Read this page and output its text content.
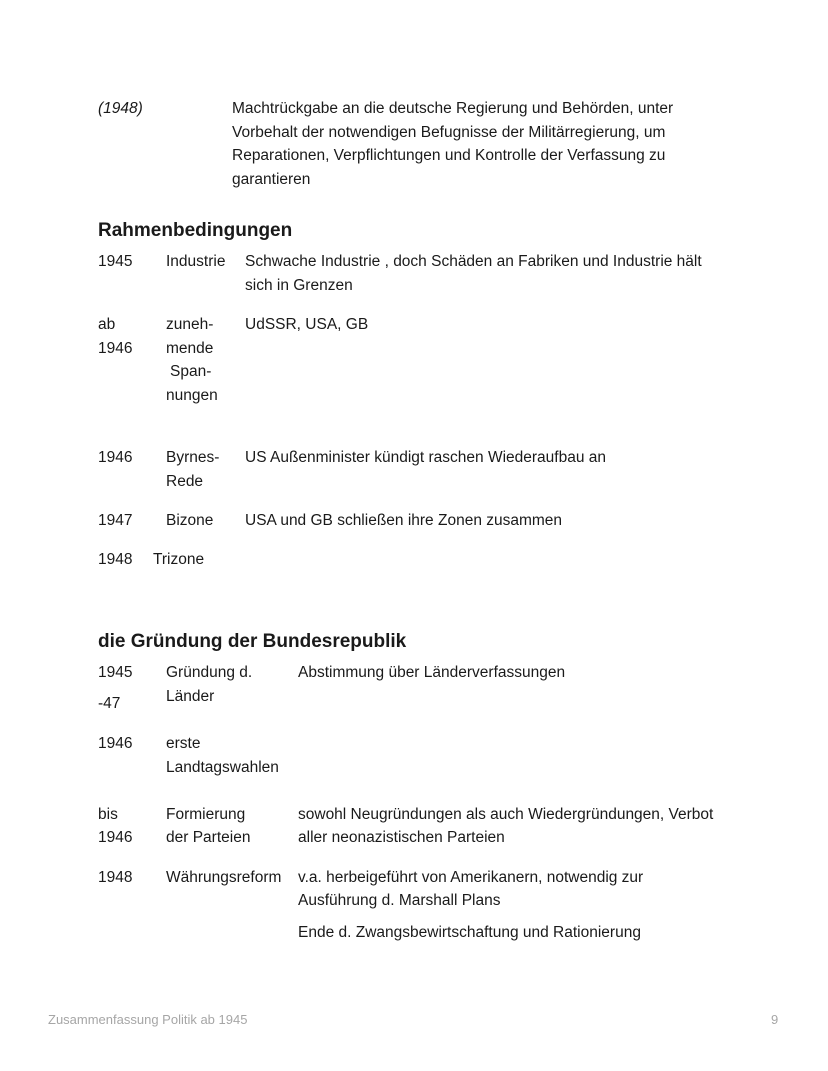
(1948)	Machtrückgabe an die deutsche Regierung und Behörden, unter Vorbehalt der notwendigen Befugnisse der Militärregierung, um Reparationen, Verpflichtungen und Kontrolle der Verfassung zu garantieren

Rahmenbedingungen

1945 Industrie Schwache Industrie , doch Schäden an Fabriken und Industrie hält sich in Grenzen

ab

1946

zuneh-

mende

Span-

nungen

UdSSR, USA, GB

1946 Byrnes-

Rede

US Außenminister kündigt raschen Wiederaufbau an

1947 Bizone USA und GB schließen ihre Zonen zusammen

1948 Trizone

die Gründung der Bundesrepublik

1945

-47

Gründung d.

Länder

Abstimmung über Länderverfassungen

1946 erste

Landtagswahlen

bis

1946

Formierung

der Parteien

sowohl Neugründungen als auch Wiedergründungen, Verbot

aller neonazistischen Parteien

1948 Währungsreform v.a. herbeigeführt von Amerikanern, notwendig zur

Ausführung d. Marshall Plans

Ende d. Zwangsbewirtschaftung und Rationierung

Zusammenfassung Politik ab 1945	9
